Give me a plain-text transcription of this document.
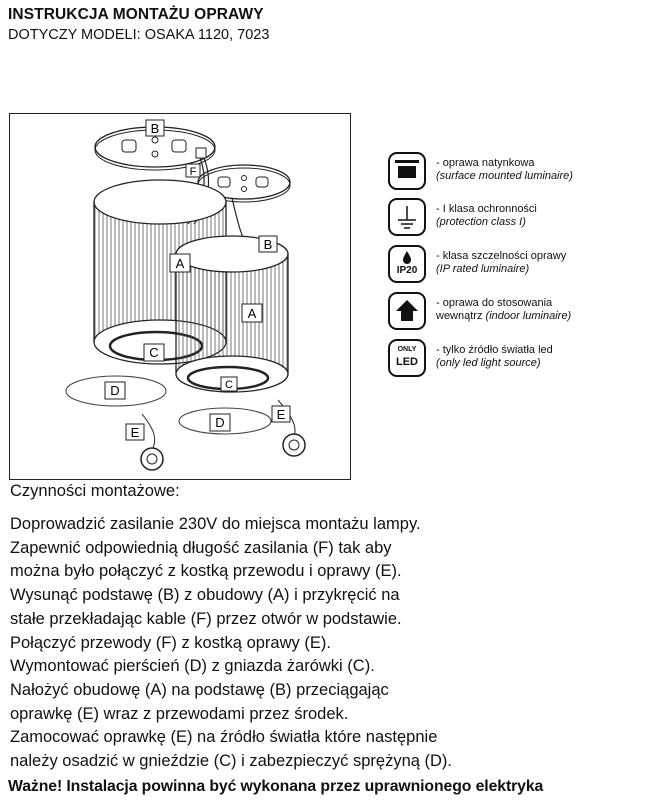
INSTRUKCJA MONTAŻU OPRAWY
DOTYCZY MODELI: OSAKA 1120, 7023
B
F
B
A
A
C
C
D
D
E
E
- oprawa natynkowa
(surface mounted luminaire)
- I klasa ochronności
(protection class I)
IP20
- klasa szczelności oprawy
(IP rated luminaire)
- oprawa do stosowania
wewnątrz (indoor luminaire)
ONLY
LED
- tylko źródło światła led
(only led light source)
Czynności montażowe:
Doprowadzić zasilanie 230V do miejsca montażu lampy.
Zapewnić odpowiednią długość zasilania (F) tak aby
można było połączyć z kostką przewodu i oprawy (E).
Wysunąć podstawę (B) z obudowy (A) i przykręcić na
stałe przekładając kable (F) przez otwór w podstawie.
Połączyć przewody (F) z kostką oprawy (E).
Wymontować pierścień (D) z gniazda żarówki (C).
Nałożyć obudowę (A) na podstawę (B) przeciągając
oprawkę (E) wraz z przewodami przez środek.
Zamocować oprawkę (E) na źródło światła które następnie
należy osadzić w gnieździe (C) i zabezpieczyć sprężyną (D).
Ważne! Instalacja powinna być wykonana przez uprawnionego elektryka
